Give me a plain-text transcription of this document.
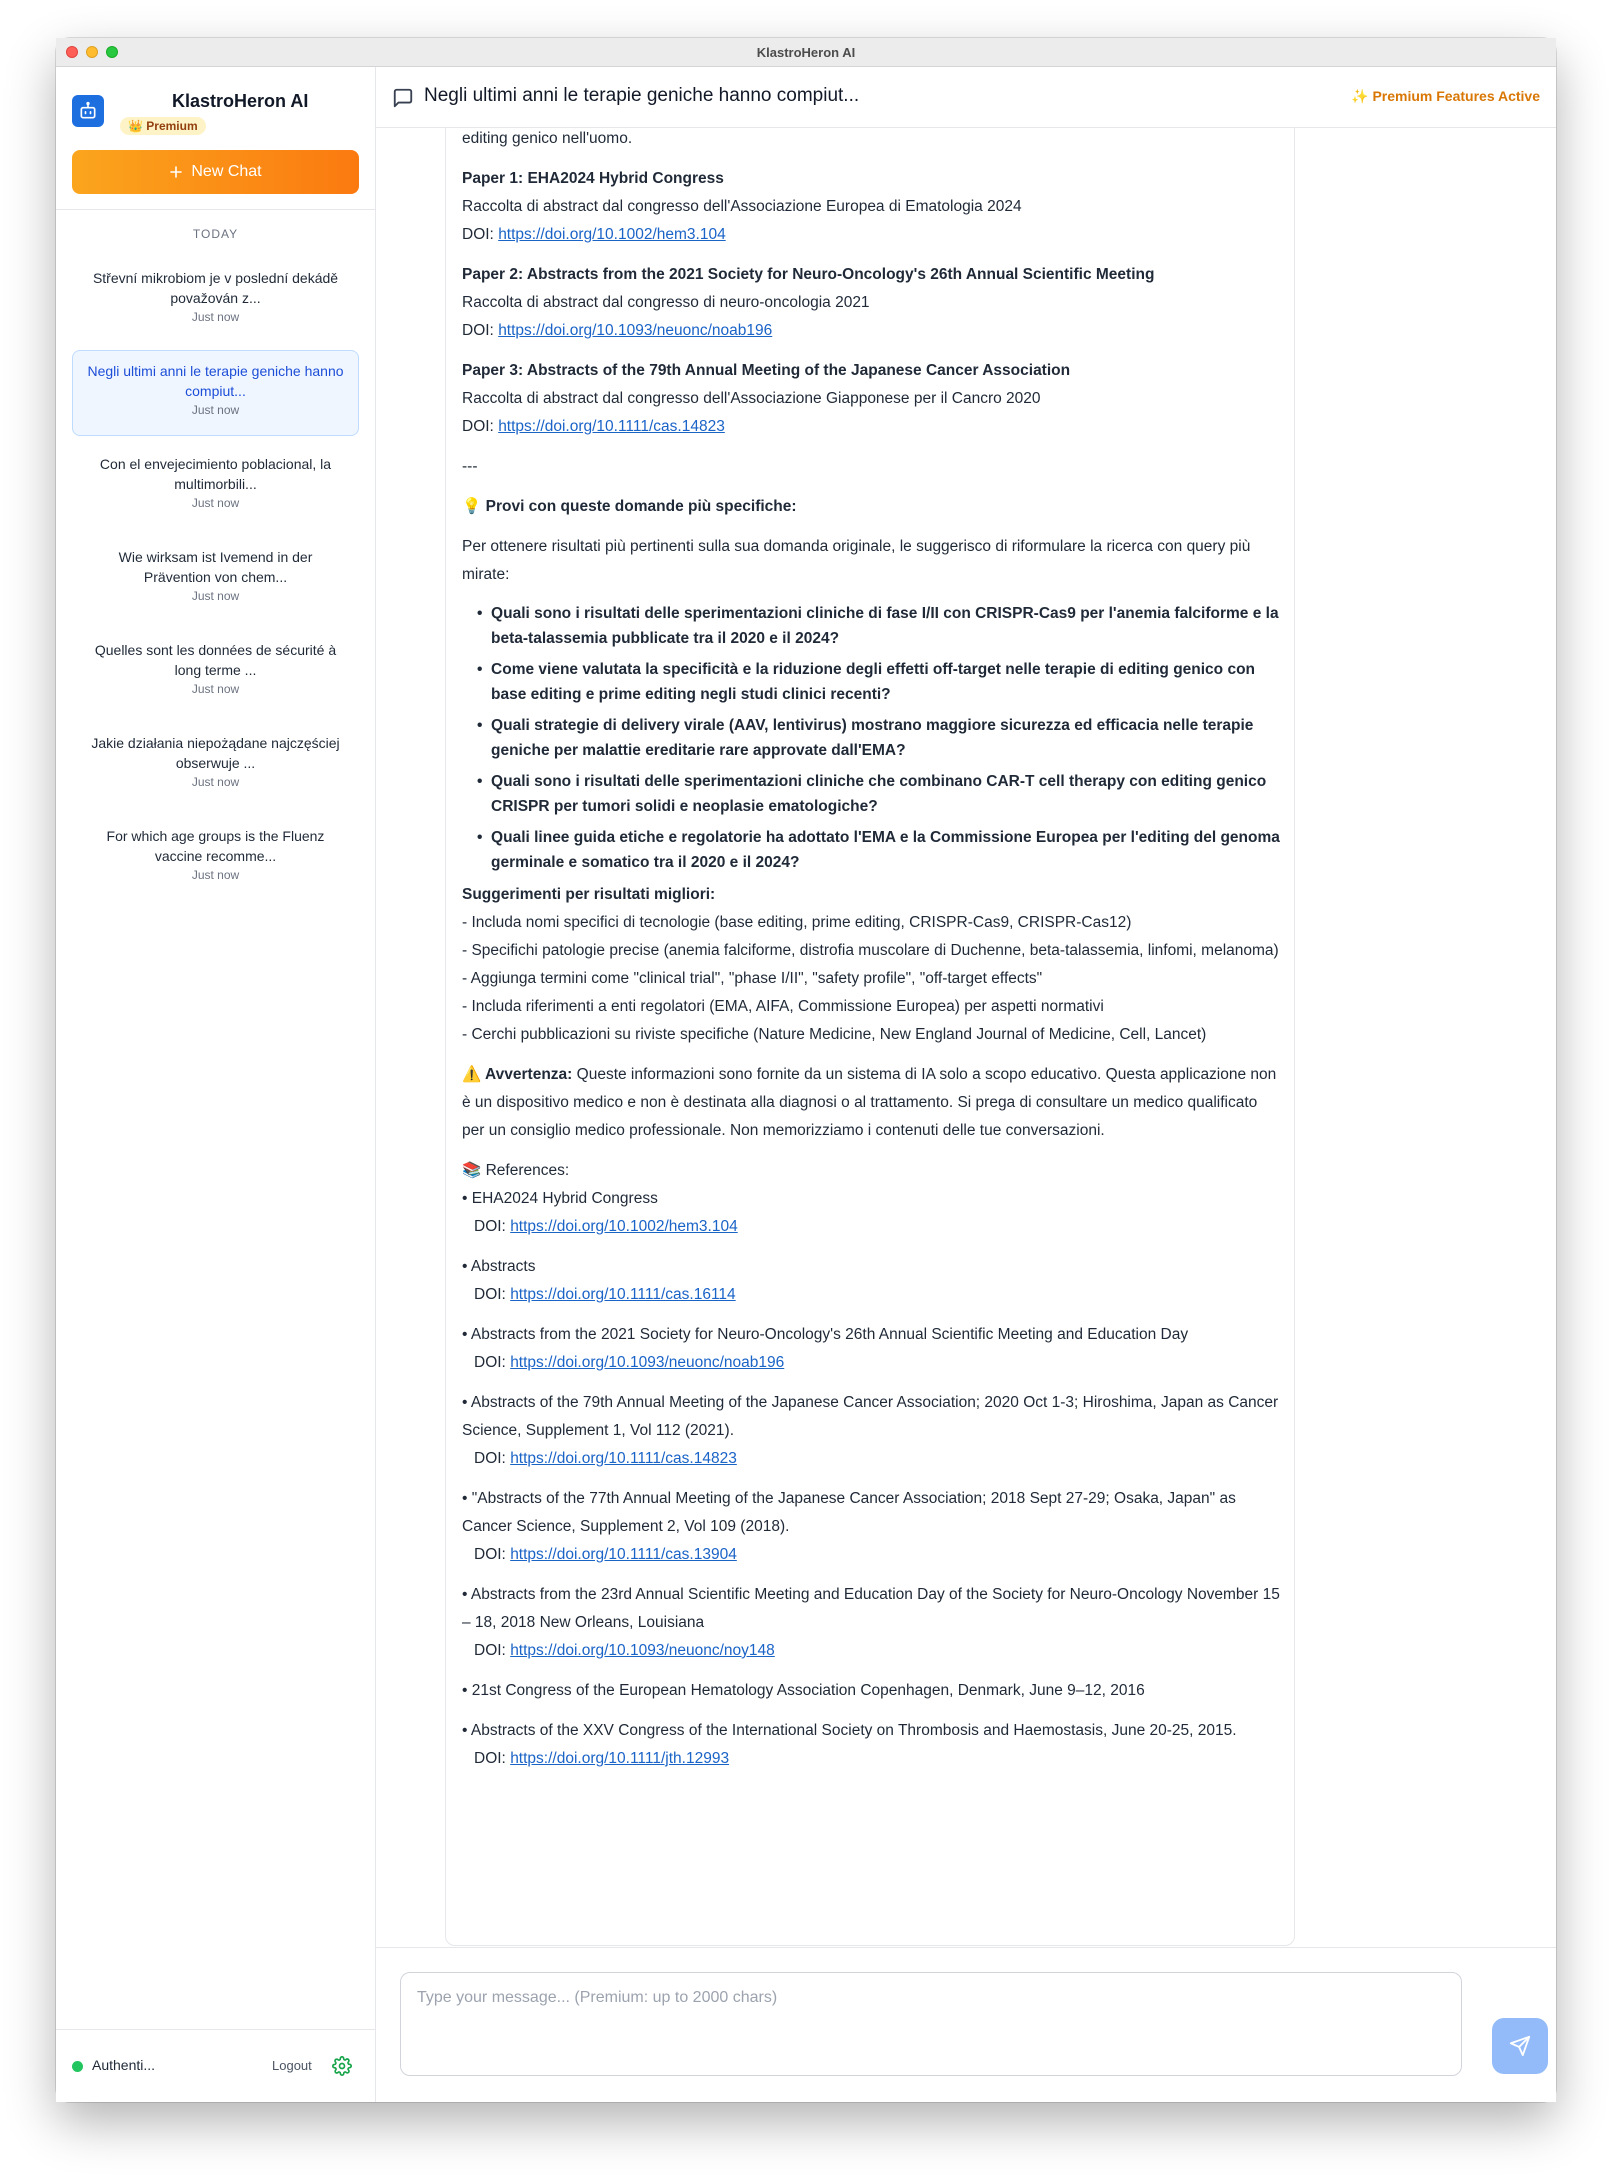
KlastroHeron AI
KlastroHeron AI
👑 Premium
New Chat
TODAY
Střevní mikrobiom je v poslední dekádě považován z...
Just now
Negli ultimi anni le terapie geniche hanno compiut...
Just now
Con el envejecimiento poblacional, la multimorbili...
Just now
Wie wirksam ist Ivemend in der Prävention von chem...
Just now
Quelles sont les données de sécurité à long terme ...
Just now
Jakie działania niepożądane najczęściej obserwuje ...
Just now
For which age groups is the Fluenz vaccine recomme...
Just now
Authenti...	Logout
Negli ultimi anni le terapie geniche hanno compiut...	✨ Premium Features Active

editing genico nell'uomo.

Paper 1: EHA2024 Hybrid Congress

Raccolta di abstract dal congresso dell'Associazione Europea di Ematologia 2024

DOI: https://doi.org/10.1002/hem3.104

Paper 2: Abstracts from the 2021 Society for Neuro-Oncology's 26th Annual Scientific Meeting

Raccolta di abstract dal congresso di neuro-oncologia 2021

DOI: https://doi.org/10.1093/neuonc/noab196

Paper 3: Abstracts of the 79th Annual Meeting of the Japanese Cancer Association

Raccolta di abstract dal congresso dell'Associazione Giapponese per il Cancro 2020

DOI: https://doi.org/10.1111/cas.14823

---

💡 Provi con queste domande più specifiche:

Per ottenere risultati più pertinenti sulla sua domanda originale, le suggerisco di riformulare la ricerca con query più mirate:

•  Quali sono i risultati delle sperimentazioni cliniche di fase I/II con CRISPR-Cas9 per l'anemia falciforme e la beta-talassemia pubblicate tra il 2020 e il 2024?

•  Come viene valutata la specificità e la riduzione degli effetti off-target nelle terapie di editing genico con base editing e prime editing negli studi clinici recenti?

•  Quali strategie di delivery virale (AAV, lentivirus) mostrano maggiore sicurezza ed efficacia nelle terapie geniche per malattie ereditarie rare approvate dall'EMA?

•  Quali sono i risultati delle sperimentazioni cliniche che combinano CAR-T cell therapy con editing genico CRISPR per tumori solidi e neoplasie ematologiche?

•  Quali linee guida etiche e regolatorie ha adottato l'EMA e la Commissione Europea per l'editing del genoma germinale e somatico tra il 2020 e il 2024?

Suggerimenti per risultati migliori:

- Includa nomi specifici di tecnologie (base editing, prime editing, CRISPR-Cas9, CRISPR-Cas12)

- Specifichi patologie precise (anemia falciforme, distrofia muscolare di Duchenne, beta-talassemia, linfomi, melanoma)

- Aggiunga termini come "clinical trial", "phase I/II", "safety profile", "off-target effects"

- Includa riferimenti a enti regolatori (EMA, AIFA, Commissione Europea) per aspetti normativi

- Cerchi pubblicazioni su riviste specifiche (Nature Medicine, New England Journal of Medicine, Cell, Lancet)

⚠️ Avvertenza: Queste informazioni sono fornite da un sistema di IA solo a scopo educativo. Questa applicazione non è un dispositivo medico e non è destinata alla diagnosi o al trattamento. Si prega di consultare un medico qualificato per un consiglio medico professionale. Non memorizziamo i contenuti delle tue conversazioni.

📚 References:

• EHA2024 Hybrid Congress

DOI: https://doi.org/10.1002/hem3.104

• Abstracts

DOI: https://doi.org/10.1111/cas.16114

• Abstracts from the 2021 Society for Neuro-Oncology's 26th Annual Scientific Meeting and Education Day

DOI: https://doi.org/10.1093/neuonc/noab196

• Abstracts of the 79th Annual Meeting of the Japanese Cancer Association; 2020 Oct 1-3; Hiroshima, Japan as Cancer Science, Supplement 1, Vol 112 (2021).

DOI: https://doi.org/10.1111/cas.14823

• "Abstracts of the 77th Annual Meeting of the Japanese Cancer Association; 2018 Sept 27-29; Osaka, Japan" as Cancer Science, Supplement 2, Vol 109 (2018).

DOI: https://doi.org/10.1111/cas.13904

• Abstracts from the 23rd Annual Scientific Meeting and Education Day of the Society for Neuro-Oncology November 15 – 18, 2018 New Orleans, Louisiana

DOI: https://doi.org/10.1093/neuonc/noy148

• 21st Congress of the European Hematology Association Copenhagen, Denmark, June 9–12, 2016

• Abstracts of the XXV Congress of the International Society on Thrombosis and Haemostasis, June 20-25, 2015.

DOI: https://doi.org/10.1111/jth.12993

Type your message... (Premium: up to 2000 chars)
